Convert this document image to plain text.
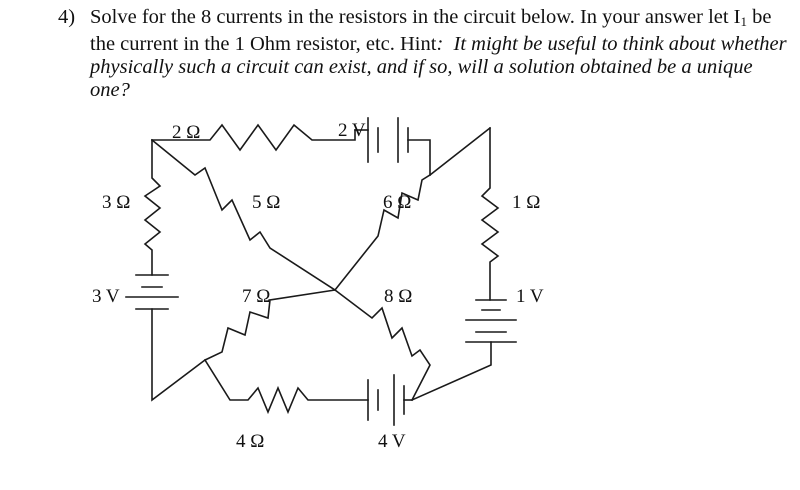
4) Solve for the 8 currents in the resistors in the circuit below. In your answer let $I_1$ be the current in the 1 Ohm resistor, etc. Hint: It might be useful to think about whether physically such a circuit can exist, and if so, will a solution obtained be a unique one?
2 Ω	2 V
3 Ω	5 Ω	6 Ω	1 Ω
3 V	7 Ω	8 Ω	1 V
4 Ω	4 V
